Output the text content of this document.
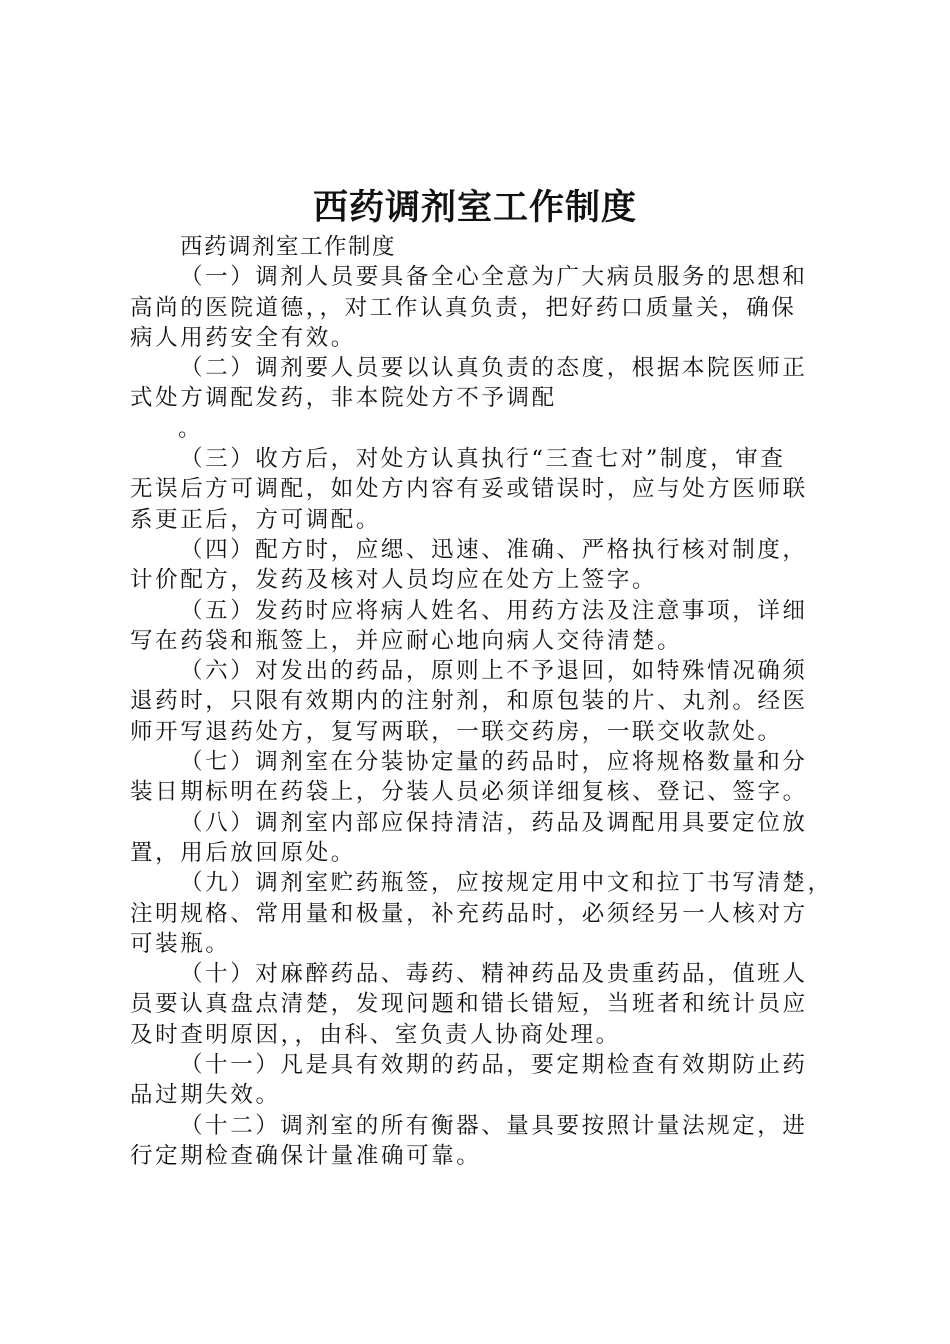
西药调剂室工作制度
西药调剂室工作制度
（一）调剂人员要具备全心全意为广大病员服务的思想和
高尚的医院道德，，对工作认真负责，把好药口质量关，确保
病人用药安全有效。
（二）调剂要人员要以认真负责的态度，根据本院医师正
式处方调配发药，非本院处方不予调配
。
（三）收方后，对处方认真执行“三查七对”制度，审查
无误后方可调配，如处方内容有妥或错误时，应与处方医师联
系更正后，方可调配。
（四）配方时，应缌、迅速、准确、严格执行核对制度，
计价配方，发药及核对人员均应在处方上签字。
（五）发药时应将病人姓名、用药方法及注意事项，详细
写在药袋和瓶签上，并应耐心地向病人交待清楚。
（六）对发出的药品，原则上不予退回，如特殊情况确须
退药时，只限有效期内的注射剂，和原包装的片、丸剂。经医
师开写退药处方，复写两联，一联交药房，一联交收款处。
（七）调剂室在分装协定量的药品时，应将规格数量和分
装日期标明在药袋上，分装人员必须详细复核、登记、签字。
（八）调剂室内部应保持清洁，药品及调配用具要定位放
置，用后放回原处。
（九）调剂室贮药瓶签，应按规定用中文和拉丁书写清楚，
注明规格、常用量和极量，补充药品时，必须经另一人核对方
可装瓶。
（十）对麻醉药品、毒药、精神药品及贵重药品，值班人
员要认真盘点清楚，发现问题和错长错短，当班者和统计员应
及时查明原因，，由科、室负责人协商处理。
（十一）凡是具有效期的药品，要定期检查有效期防止药
品过期失效。
（十二）调剂室的所有衡器、量具要按照计量法规定，进
行定期检查确保计量准确可靠。
